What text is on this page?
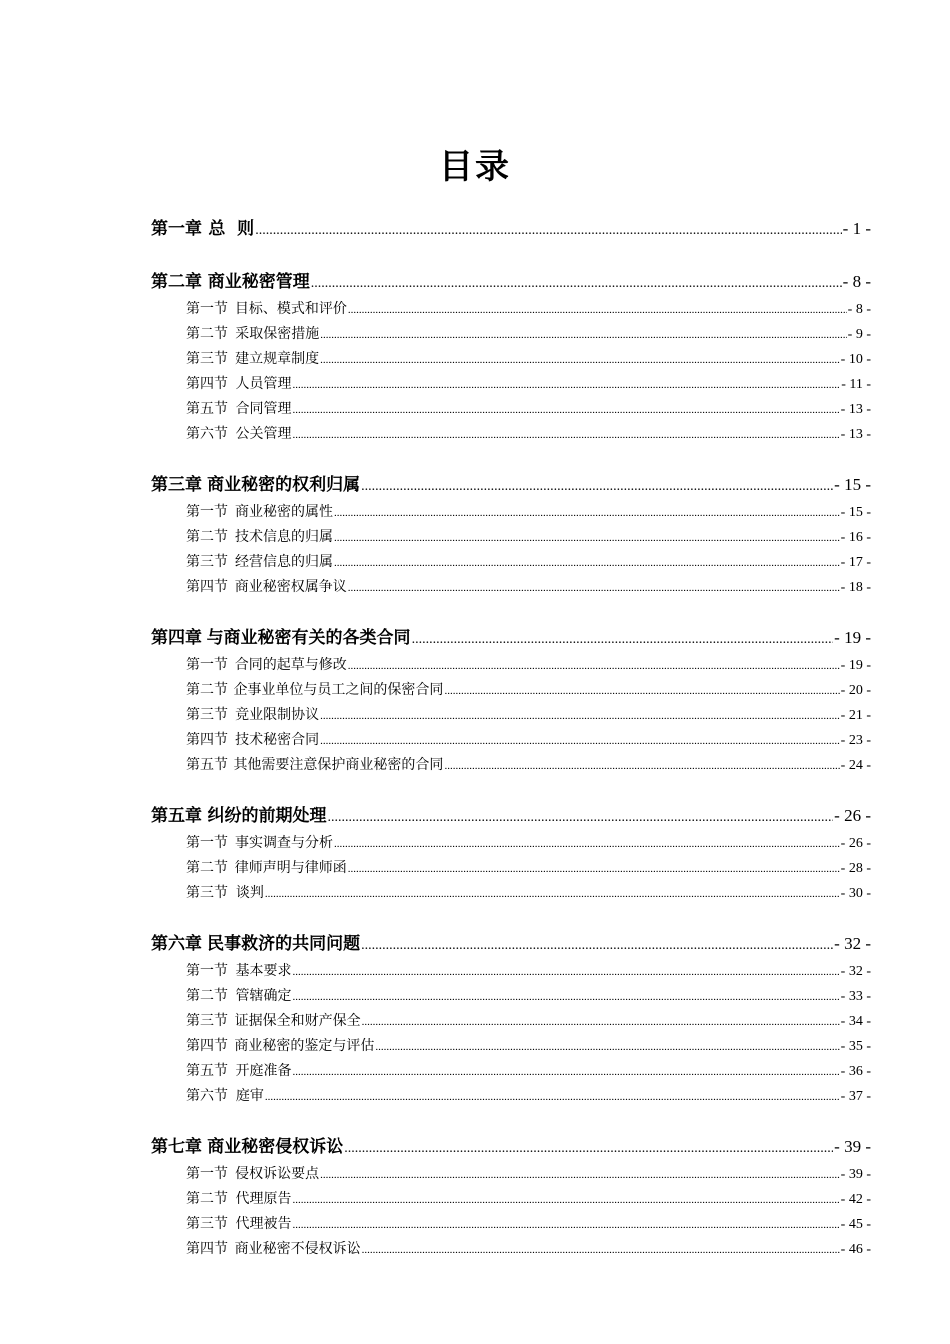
目录
第一章 总  则 .....	- 1 -
第二章 商业秘密管理 .....	- 8 -
第一节 目标、模式和评价 .....	- 8 -
第二节 采取保密措施 .....	- 9 -
第三节 建立规章制度 .....	- 10 -
第四节 人员管理 .....	- 11 -
第五节 合同管理 .....	- 13 -
第六节 公关管理 .....	- 13 -
第三章 商业秘密的权利归属 .....	- 15 -
第一节 商业秘密的属性 .....	- 15 -
第二节 技术信息的归属 .....	- 16 -
第三节 经营信息的归属 .....	- 17 -
第四节 商业秘密权属争议 .....	- 18 -
第四章 与商业秘密有关的各类合同 .....	- 19 -
第一节 合同的起草与修改 .....	- 19 -
第二节 企事业单位与员工之间的保密合同 .....	- 20 -
第三节 竞业限制协议 .....	- 21 -
第四节 技术秘密合同 .....	- 23 -
第五节 其他需要注意保护商业秘密的合同 .....	- 24 -
第五章 纠纷的前期处理 .....	- 26 -
第一节 事实调查与分析 .....	- 26 -
第二节 律师声明与律师函 .....	- 28 -
第三节 谈判 .....	- 30 -
第六章 民事救济的共同问题 .....	- 32 -
第一节 基本要求 .....	- 32 -
第二节 管辖确定 .....	- 33 -
第三节 证据保全和财产保全 .....	- 34 -
第四节 商业秘密的鉴定与评估 .....	- 35 -
第五节 开庭准备 .....	- 36 -
第六节 庭审 .....	- 37 -
第七章 商业秘密侵权诉讼 .....	- 39 -
第一节 侵权诉讼要点 .....	- 39 -
第二节 代理原告 .....	- 42 -
第三节 代理被告 .....	- 45 -
第四节 商业秘密不侵权诉讼 .....	- 46 -
